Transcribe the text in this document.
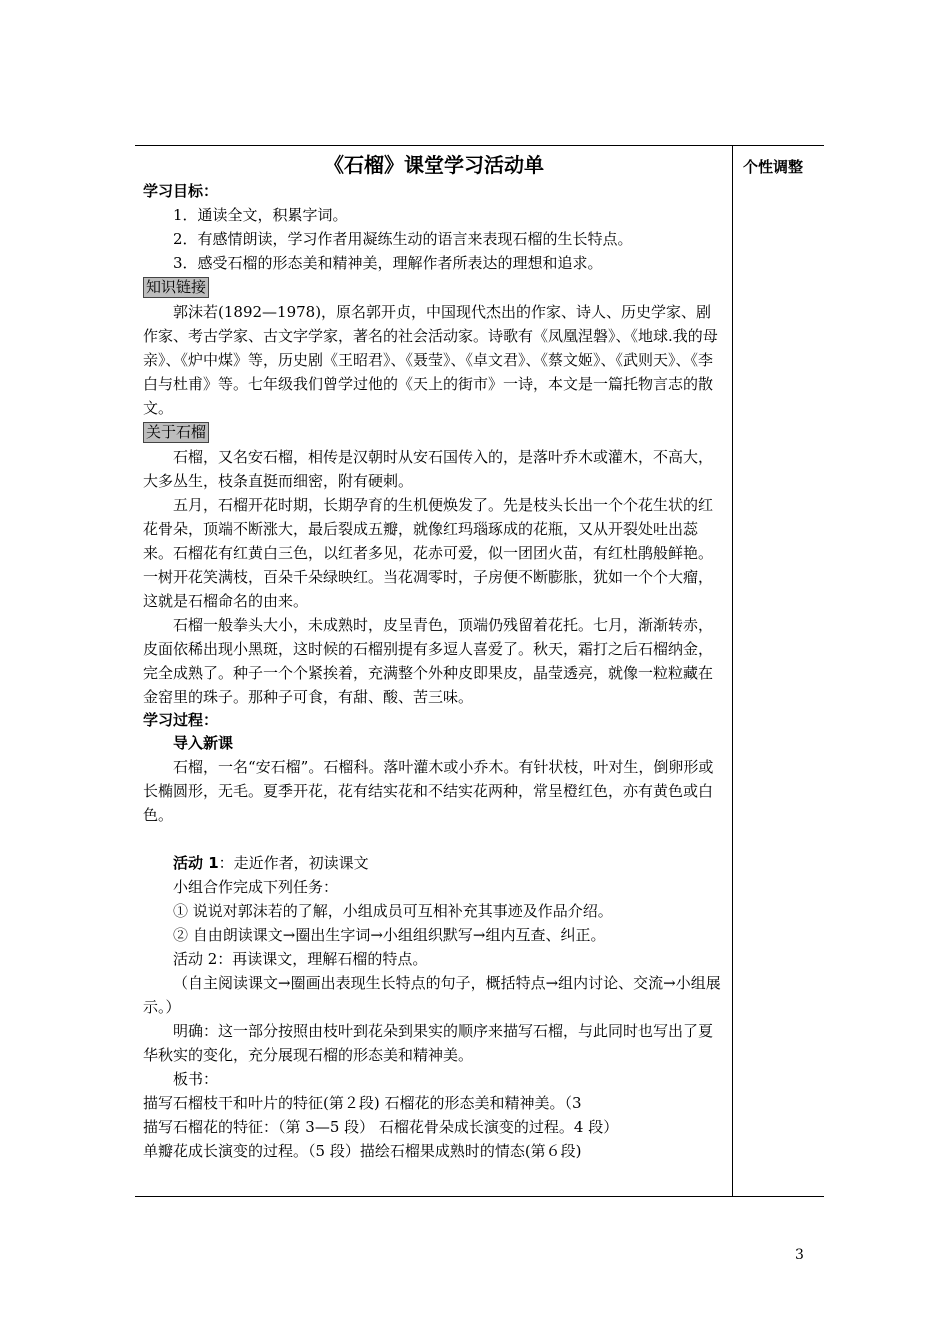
个性调整
《石榴》课堂学习活动单
学习目标：

1．通读全文，积累字词。

2．有感情朗读，学习作者用凝练生动的语言来表现石榴的生长特点。

3．感受石榴的形态美和精神美，理解作者所表达的理想和追求。

知识链接

郭沫若(1892—1978)，原名郭开贞，中国现代杰出的作家、诗人、历史学家、剧作家、考古学家、古文字学家，著名的社会活动家。诗歌有《凤凰涅磐》、《地球.我的母亲》、《炉中煤》等，历史剧《王昭君》、《聂莹》、《卓文君》、《蔡文姬》、《武则天》、《李白与杜甫》等。七年级我们曾学过他的《天上的街市》一诗，本文是一篇托物言志的散文。

关于石榴

石榴，又名安石榴，相传是汉朝时从安石国传入的，是落叶乔木或灌木，不高大，大多丛生，枝条直挺而细密，附有硬刺。

五月，石榴开花时期，长期孕育的生机便焕发了。先是枝头长出一个个花生状的红花骨朵，顶端不断涨大，最后裂成五瓣，就像红玛瑙琢成的花瓶，又从开裂处吐出蕊来。石榴花有红黄白三色，以红者多见，花赤可爱，似一团团火苗，有红杜鹃般鲜艳。一树开花笑满枝，百朵千朵绿映红。当花凋零时，子房便不断膨胀，犹如一个个大瘤，这就是石榴命名的由来。

石榴一般拳头大小，未成熟时，皮呈青色，顶端仍残留着花托。七月，渐渐转赤，皮面依稀出现小黑斑，这时候的石榴别提有多逗人喜爱了。秋天，霜打之后石榴纳金，完全成熟了。种子一个个紧挨着，充满整个外种皮即果皮，晶莹透亮，就像一粒粒藏在金窑里的珠子。那种子可食，有甜、酸、苦三味。

学习过程：
导入新课

石榴，一名“安石榴”。石榴科。落叶灌木或小乔木。有针状枝，叶对生，倒卵形或长椭圆形，无毛。夏季开花，花有结实花和不结实花两种，常呈橙红色，亦有黄色或白色。

活动 1：走近作者，初读课文

小组合作完成下列任务：

① 说说对郭沫若的了解，小组成员可互相补充其事迹及作品介绍。

② 自由朗读课文→圈出生字词→小组组织默写→组内互查、纠正。

活动 2：再读课文，理解石榴的特点。

（自主阅读课文→圈画出表现生长特点的句子，概括特点→组内讨论、交流→小组展示。）

明确：这一部分按照由枝叶到花朵到果实的顺序来描写石榴，与此同时也写出了夏华秋实的变化，充分展现石榴的形态美和精神美。

板书：

描写石榴枝干和叶片的特征(第２段) 石榴花的形态美和精神美。（3

描写石榴花的特征：（第 3—5 段） 石榴花骨朵成长演变的过程。4 段）

单瓣花成长演变的过程。（5 段）描绘石榴果成熟时的情态(第６段)

3
